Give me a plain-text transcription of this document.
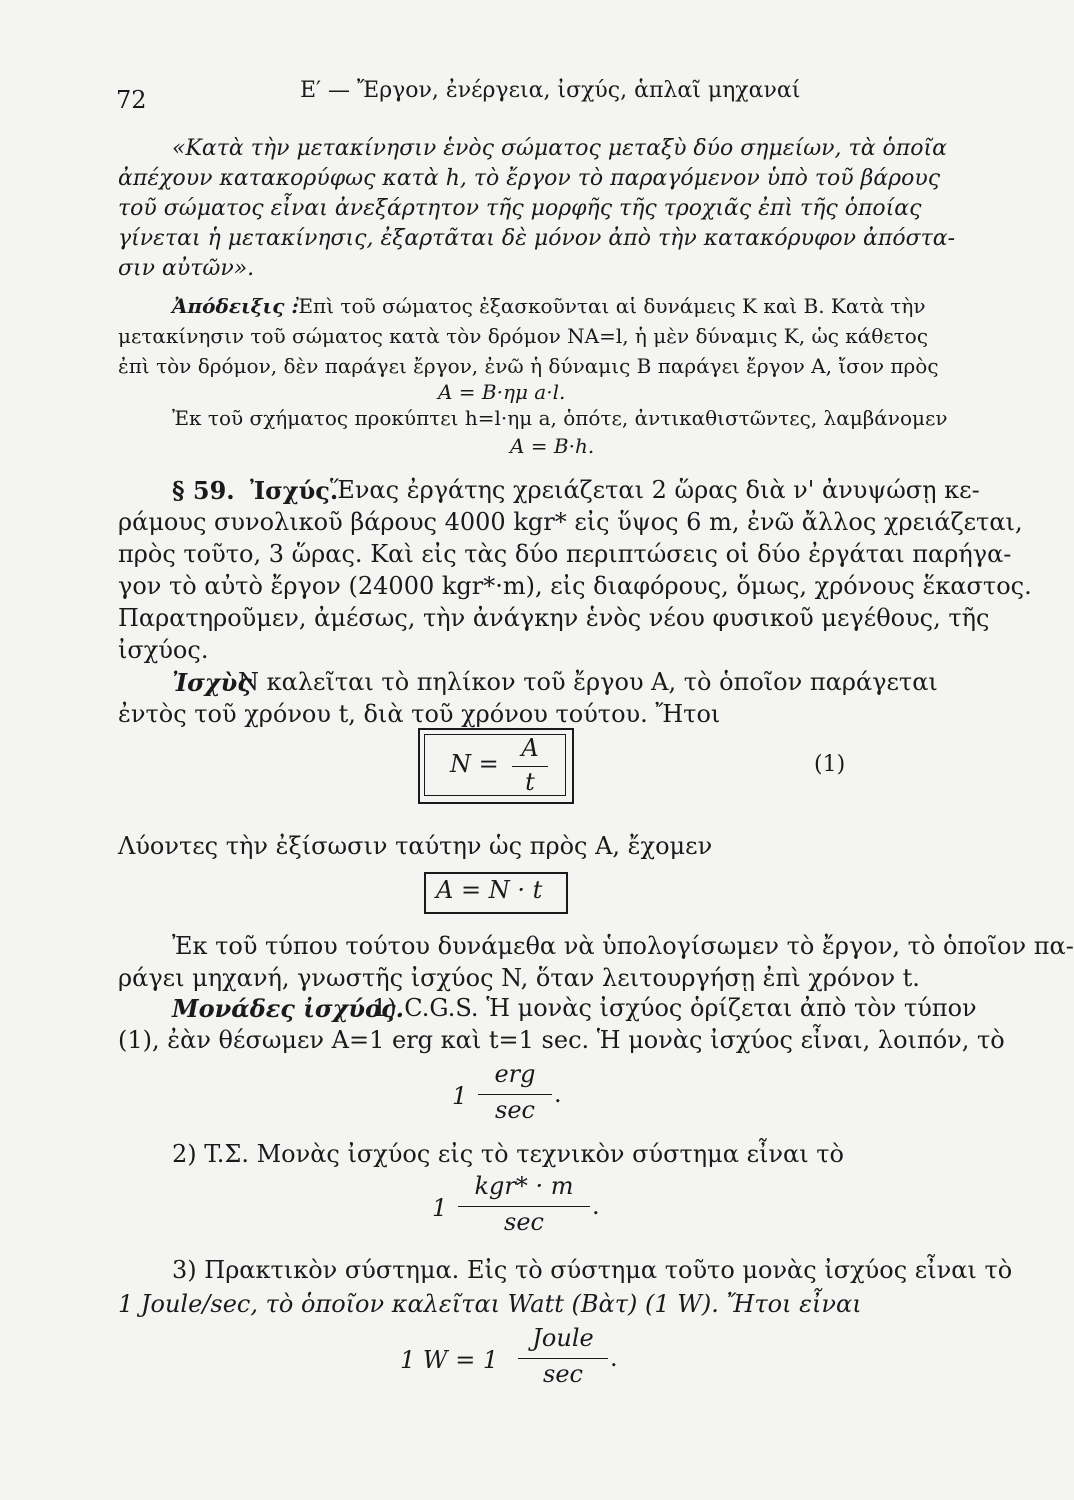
72	Ε′ — Ἔργον, ἐνέργεια, ἰσχύς, ἁπλαῖ μηχαναί
«Κατὰ τὴν μετακίνησιν ἑνὸς σώματος μεταξὺ δύο σημείων, τὰ ὁποῖα
ἀπέχουν κατακορύφως κατὰ h, τὸ ἔργον τὸ παραγόμενον ὑπὸ τοῦ βάρους
τοῦ σώματος εἶναι ἀνεξάρτητον τῆς μορφῆς τῆς τροχιᾶς ἐπὶ τῆς ὁποίας
γίνεται ἡ μετακίνησις, ἐξαρτᾶται δὲ μόνον ἀπὸ τὴν κατακόρυφον ἀπόστα-
σιν αὐτῶν».
Ἀπόδειξις :
Ἐπὶ τοῦ σώματος ἐξασκοῦνται αἱ δυνάμεις K καὶ B. Κατὰ τὴν
μετακίνησιν τοῦ σώματος κατὰ τὸν δρόμον NA=l, ἡ μὲν δύναμις K, ὡς κάθετος
ἐπὶ τὸν δρόμον, δὲν παράγει ἔργον, ἐνῶ ἡ δύναμις B παράγει ἔργον A, ἴσον πρὸς
A = B·ημ a·l.
Ἐκ τοῦ σχήματος προκύπτει h=l·ημ a, ὁπότε, ἀντικαθιστῶντες, λαμβάνομεν
A = B·h.
§ 59. Ἰσχύς.
Ἕνας ἐργάτης χρειάζεται 2 ὥρας διὰ ν' ἀνυψώσῃ κε-
ράμους συνολικοῦ βάρους 4000 kgr* εἰς ὕψος 6 m, ἐνῶ ἄλλος χρειάζεται,
πρὸς τοῦτο, 3 ὥρας. Καὶ εἰς τὰς δύο περιπτώσεις οἱ δύο ἐργάται παρήγα-
γον τὸ αὐτὸ ἔργον (24000 kgr*·m), εἰς διαφόρους, ὅμως, χρόνους ἕκαστος.
Παρατηροῦμεν, ἀμέσως, τὴν ἀνάγκην ἑνὸς νέου φυσικοῦ μεγέθους, τῆς
ἰσχύος.
Ἰσχὺς
N καλεῖται τὸ πηλίκον τοῦ ἔργου A, τὸ ὁποῖον παράγεται
ἐντὸς τοῦ χρόνου t, διὰ τοῦ χρόνου τούτου. Ἤτοι
N =
A
t
(1)
Λύοντες τὴν ἐξίσωσιν ταύτην ὡς πρὸς A, ἔχομεν
A = N · t
Ἐκ τοῦ τύπου τούτου δυνάμεθα νὰ ὑπολογίσωμεν τὸ ἔργον, τὸ ὁποῖον πα-
ράγει μηχανή, γνωστῆς ἰσχύος N, ὅταν λειτουργήσῃ ἐπὶ χρόνον t.
Μονάδες ἰσχύος.
1) C.G.S. Ἡ μονὰς ἰσχύος ὁρίζεται ἀπὸ τὸν τύπον
(1), ἐὰν θέσωμεν A=1 erg καὶ t=1 sec. Ἡ μονὰς ἰσχύος εἶναι, λοιπόν, τὸ
1
erg
sec
.
2) T.Σ. Μονὰς ἰσχύος εἰς τὸ τεχνικὸν σύστημα εἶναι τὸ
1
kgr* · m
sec
.
3) Πρακτικὸν σύστημα. Εἰς τὸ σύστημα τοῦτο μονὰς ἰσχύος εἶναι τὸ
1 Joule/sec, τὸ ὁποῖον καλεῖται Watt (Βὰτ) (1 W). Ἤτοι εἶναι
1 W = 1
Joule
sec
.
